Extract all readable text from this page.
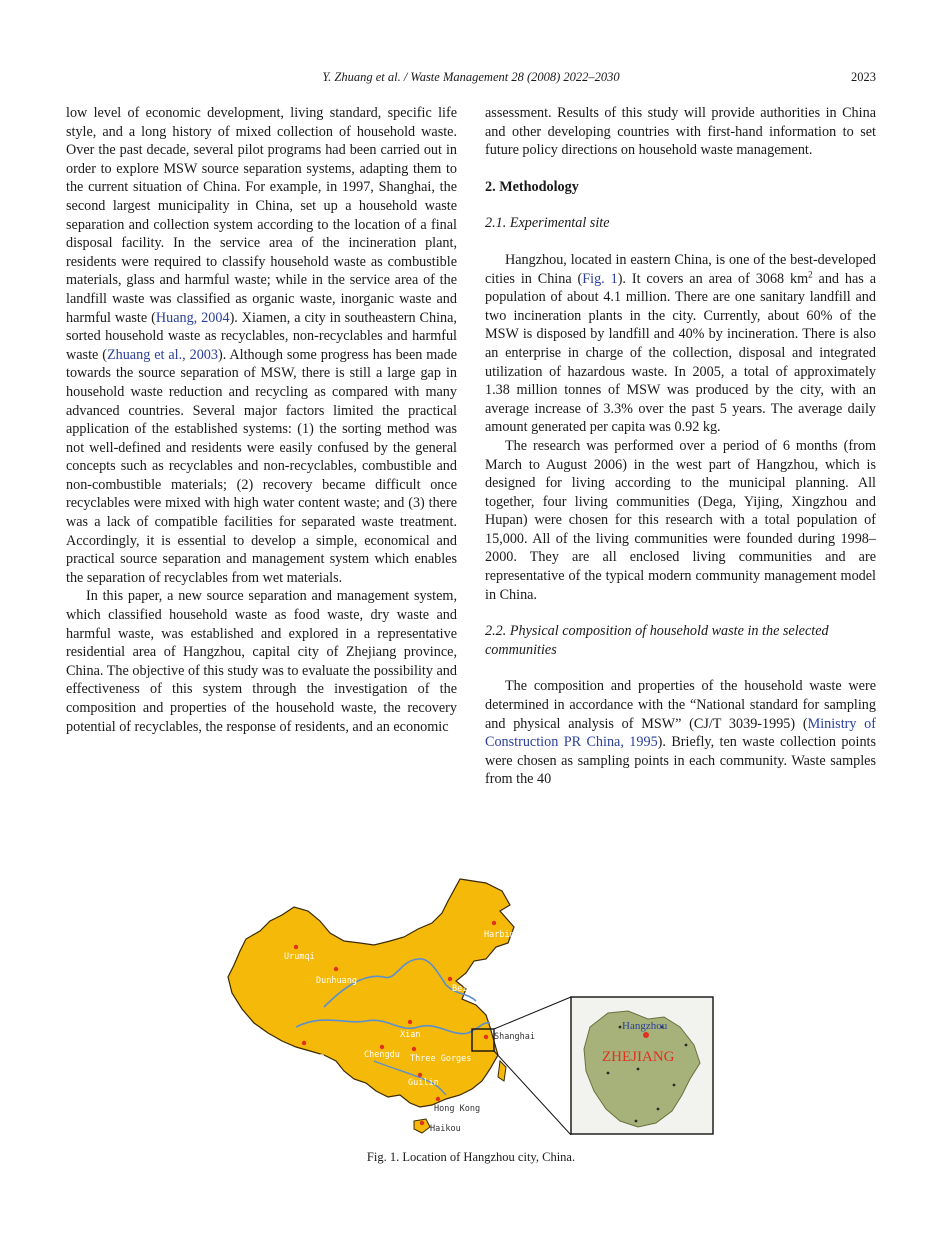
Y. Zhuang et al. / Waste Management 28 (2008) 2022–2030	2023

low level of economic development, living standard, specific life style, and a long history of mixed collection of household waste. Over the past decade, several pilot programs had been carried out in order to explore MSW source separation systems, adapting them to the current situation of China. For example, in 1997, Shanghai, the second largest municipality in China, set up a household waste separation and collection system according to the location of a final disposal facility. In the service area of the incineration plant, residents were required to classify household waste as combustible materials, glass and harmful waste; while in the service area of the landfill waste was classified as organic waste, inorganic waste and harmful waste (Huang, 2004). Xiamen, a city in southeastern China, sorted household waste as recyclables, non-recyclables and harmful waste (Zhuang et al., 2003). Although some progress has been made towards the source separation of MSW, there is still a large gap in household waste reduction and recycling as compared with many advanced countries. Several major factors limited the practical application of the established systems: (1) the sorting method was not well-defined and residents were easily confused by the general concepts such as recyclables and non-recyclables, combustible and non-combustible materials; (2) recovery became difficult once recyclables were mixed with high water content waste; and (3) there was a lack of compatible facilities for separated waste treatment. Accordingly, it is essential to develop a simple, economical and practical source separation and management system which enables the separation of recyclables from wet materials.

In this paper, a new source separation and management system, which classified household waste as food waste, dry waste and harmful waste, was established and explored in a representative residential area of Hangzhou, capital city of Zhejiang province, China. The objective of this study was to evaluate the possibility and effectiveness of this system through the investigation of the composition and properties of the household waste, the recovery potential of recyclables, the response of residents, and an economic

assessment. Results of this study will provide authorities in China and other developing countries with first-hand information to set future policy directions on household waste management.

2. Methodology
2.1. Experimental site

Hangzhou, located in eastern China, is one of the best-developed cities in China (Fig. 1). It covers an area of 3068 $km^2$ and has a population of about 4.1 million. There are one sanitary landfill and two incineration plants in the city. Currently, about 60% of the MSW is disposed by landfill and 40% by incineration. There is also an enterprise in charge of the collection, disposal and integrated utilization of hazardous waste. In 2005, a total of approximately 1.38 million tonnes of MSW was produced by the city, with an average increase of 3.3% over the past 5 years. The average daily amount generated per capita was 0.92 kg.

The research was performed over a period of 6 months (from March to August 2006) in the west part of Hangzhou, which is designed for living according to the municipal planning. All together, four living communities (Dega, Yijing, Xingzhou and Hupan) were chosen for this research with a total population of 15,000. All of the living communities were founded during 1998–2000. They are all enclosed living communities and are representative of the typical modern community management model in China.

2.2. Physical composition of household waste in the selected communities

The composition and properties of the household waste were determined in accordance with the “National standard for sampling and physical analysis of MSW” (CJ/T 3039-1995) (Ministry of Construction PR China, 1995). Briefly, ten waste collection points were chosen as sampling points in each community. Waste samples from the 40

Harbin
Urumqi
Dunhuang
Beijing
Xian
Lasa	Chengdu Three Gorges
Shanghai
Guilin
Hong Kong
Haikou
Hangzhou
ZHEJIANG
Fig. 1. Location of Hangzhou city, China.
